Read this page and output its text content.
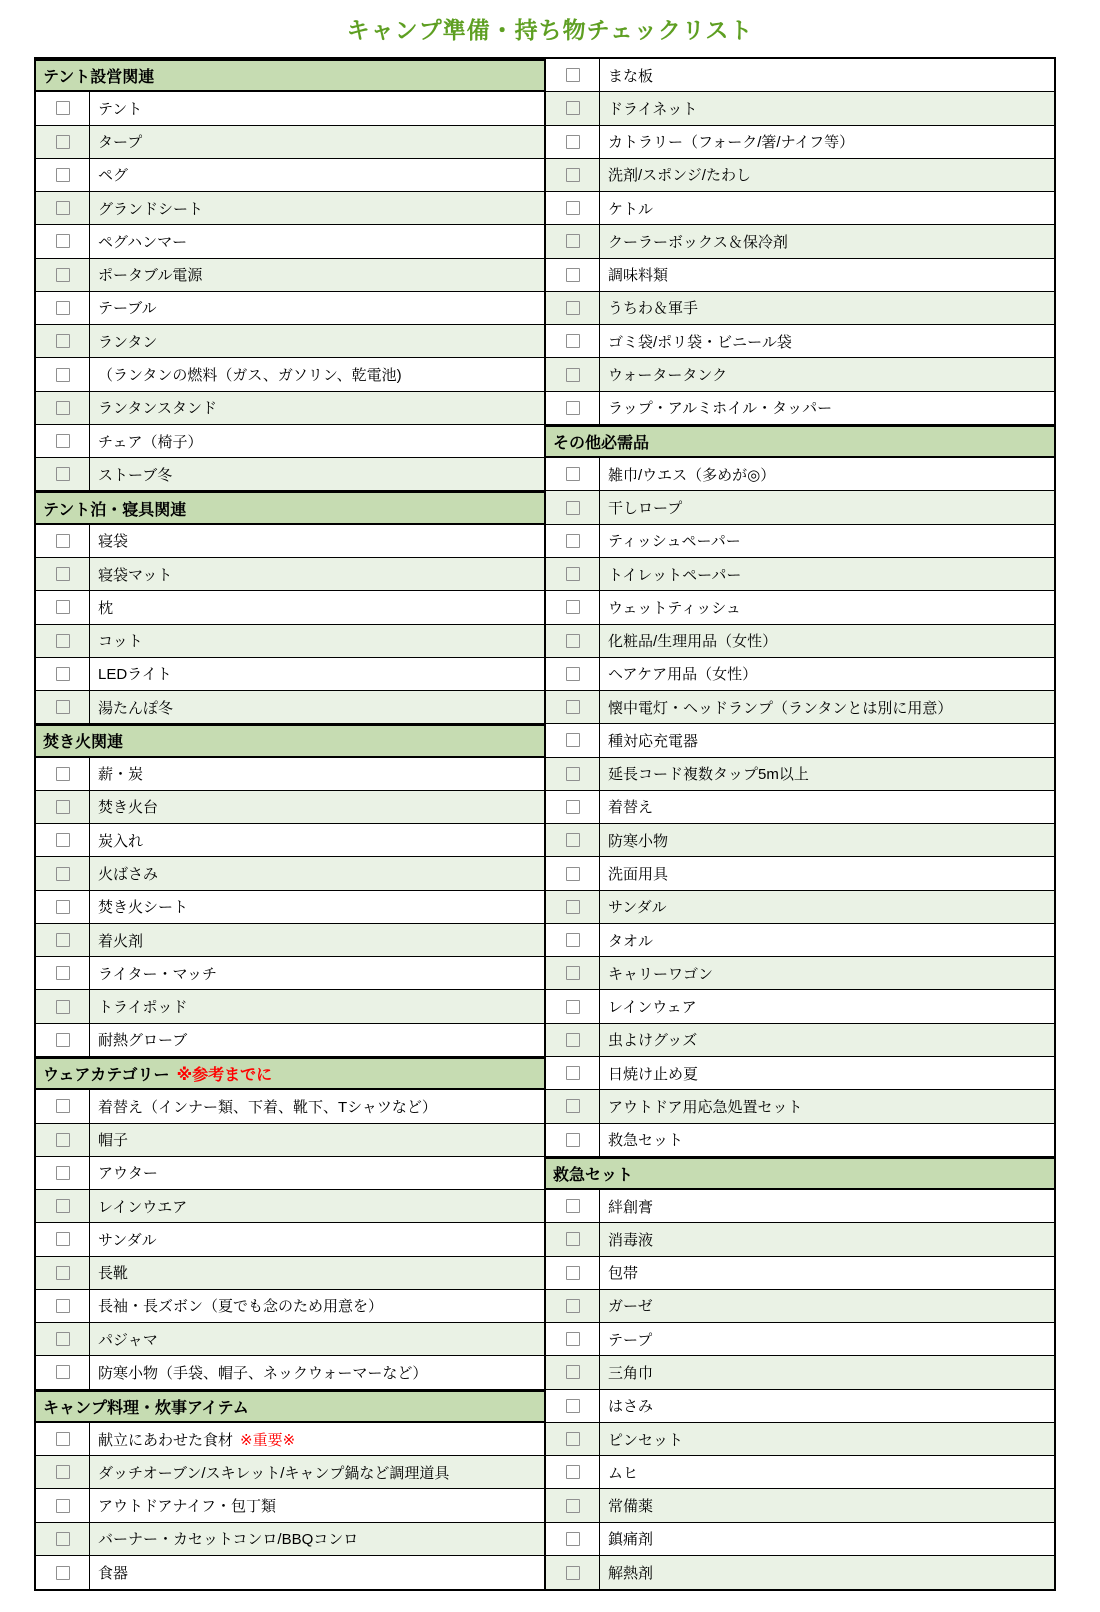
キャンプ準備・持ち物チェックリスト
テント設営関連
テント
タープ
ペグ
グランドシート
ペグハンマー
ポータブル電源
テーブル
ランタン
（ランタンの燃料（ガス、ガソリン、乾電池)
ランタンスタンド
チェア（椅子）
ストーブ冬
テント泊・寝具関連
寝袋
寝袋マット
枕
コット
LEDライト
湯たんぽ冬
焚き火関連
薪・炭
焚き火台
炭入れ
火ばさみ
焚き火シート
着火剤
ライター・マッチ
トライポッド
耐熱グローブ
ウェアカテゴリー ※参考までに
着替え（インナー類、下着、靴下、Tシャツなど）
帽子
アウター
レインウエア
サンダル
長靴
長袖・長ズボン（夏でも念のため用意を）
パジャマ
防寒小物（手袋、帽子、ネックウォーマーなど）
キャンプ料理・炊事アイテム
献立にあわせた食材 ※重要※
ダッチオーブン/スキレット/キャンプ鍋など調理道具
アウトドアナイフ・包丁類
バーナー・カセットコンロ/BBQコンロ
食器
まな板
ドライネット
カトラリー（フォーク/箸/ナイフ等）
洗剤/スポンジ/たわし
ケトル
クーラーボックス＆保冷剤
調味料類
うちわ＆軍手
ゴミ袋/ポリ袋・ビニール袋
ウォータータンク
ラップ・アルミホイル・タッパー
その他必需品
雑巾/ウエス（多めが◎）
干しロープ
ティッシュペーパー
トイレットペーパー
ウェットティッシュ
化粧品/生理用品（女性）
ヘアケア用品（女性）
懐中電灯・ヘッドランプ（ランタンとは別に用意）
種対応充電器
延長コード複数タップ5m以上
着替え
防寒小物
洗面用具
サンダル
タオル
キャリーワゴン
レインウェア
虫よけグッズ
日焼け止め夏
アウトドア用応急処置セット
救急セット
救急セット
絆創膏
消毒液
包帯
ガーゼ
テープ
三角巾
はさみ
ピンセット
ムヒ
常備薬
鎮痛剤
解熱剤
